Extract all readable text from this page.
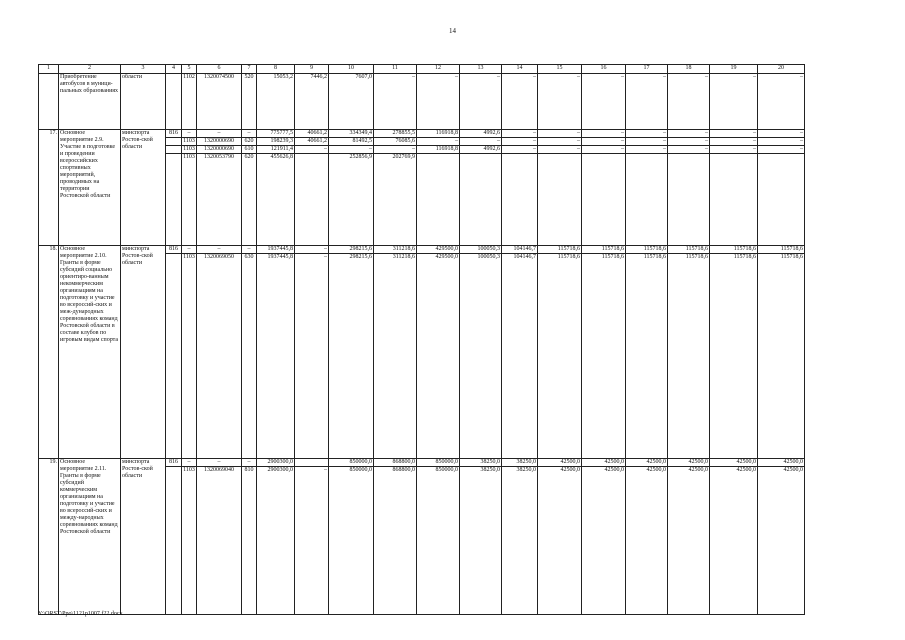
14
1	2	3	4	5	6	7	8	9	10	11	12	13	14	15	16	17	18	19	20
	Приобретение автобусов в муници-пальных образованиях	области		1102	1320074500	520	15053,2	7446,2	7607,0	–	–	–	–	–	–	–	–	–	–
17.	Основное мероприятие 2.9. Участие в подготовке и проведении всероссийских спортивных мероприятий, проводимых на территории Ростовской области	минспорта Ростов-ской области	816	–	–	–	775777,5	40661,2	334349,4	278855,5	116918,8	4992,6	–	–	–	–	–	–	–
				1103	1320000690	620	198239,3	40661,2	81492,5	76085,6	–	–	–	–	–	–	–	–	–
				1103	1320000690	610	121911,4	–	–	–	116918,8	4992,6	–	–	–	–	–	–	–
				1103	1320053790	620	455626,8		252856,9	202769,9									
18.	Основное мероприятие 2.10. Гранты в форме субсидий социально ориентиро-ванным некоммерческим организациям на подготовку и участие во всероссий-ских и меж-дународных соревнованиях команд Ростовской области в составе клубов по игровым видам спорта	минспорта Ростов-ской области	816	–	–	–	1937445,8	–	298215,6	311218,6	429500,0	100050,3	104146,7	115718,6	115718,6	115718,6	115718,6	115718,6	115718,6
				1103	1320069050	630	1937445,8	–	298215,6	311218,6	429500,0	100050,3	104146,7	115718,6	115718,6	115718,6	115718,6	115718,6	115718,6
19.	Основное мероприятие 2.11. Гранты в форме субсидий коммерческим организациям на подготовку и участие во всероссий-ских и между-народных соревнованиях команд Ростовской области	минспорта Ростов-ской области	816	–	–	–	2900300,0		850000,0	868800,0	850000,0	38250,0	38250,0	42500,0	42500,0	42500,0	42500,0	42500,0	42500,0
				1103	1320069040	810	2900300,0	–	850000,0	868800,0	850000,0	38250,0	38250,0	42500,0	42500,0	42500,0	42500,0	42500,0	42500,0
Y:\ORST\Ppo\1121p1007.f22.docx
